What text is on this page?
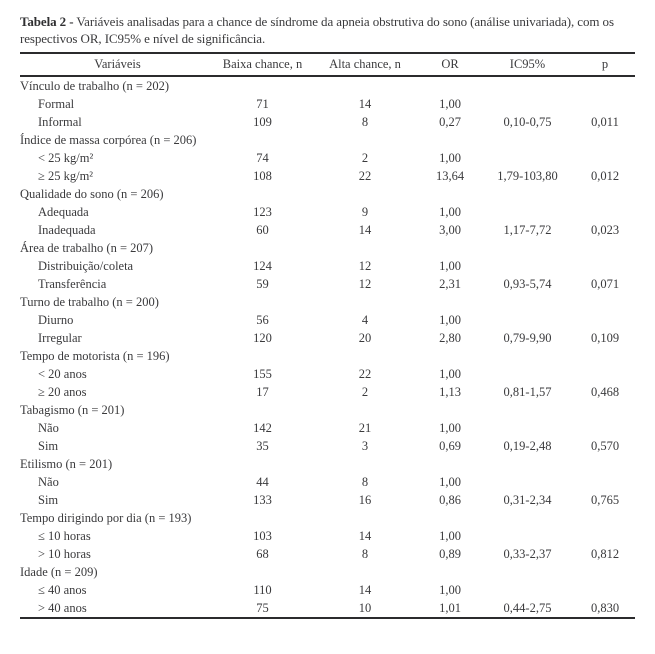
Tabela 2 - Variáveis analisadas para a chance de síndrome da apneia obstrutiva do sono (análise univariada), com os respectivos OR, IC95% e nível de significância.
Variáveis	Baixa chance, n	Alta chance, n	OR	IC95%	p
Vínculo de trabalho (n = 202)					
Formal	71	14	1,00		
Informal	109	8	0,27	0,10-0,75	0,011
Índice de massa corpórea (n = 206)					
< 25 kg/m²	74	2	1,00		
≥ 25 kg/m²	108	22	13,64	1,79-103,80	0,012
Qualidade do sono (n = 206)					
Adequada	123	9	1,00		
Inadequada	60	14	3,00	1,17-7,72	0,023
Área de trabalho (n = 207)					
Distribuição/coleta	124	12	1,00		
Transferência	59	12	2,31	0,93-5,74	0,071
Turno de trabalho (n = 200)					
Diurno	56	4	1,00		
Irregular	120	20	2,80	0,79-9,90	0,109
Tempo de motorista (n = 196)					
< 20 anos	155	22	1,00		
≥ 20 anos	17	2	1,13	0,81-1,57	0,468
Tabagismo (n = 201)					
Não	142	21	1,00		
Sim	35	3	0,69	0,19-2,48	0,570
Etilismo (n = 201)					
Não	44	8	1,00		
Sim	133	16	0,86	0,31-2,34	0,765
Tempo dirigindo por dia (n = 193)					
≤ 10 horas	103	14	1,00		
> 10 horas	68	8	0,89	0,33-2,37	0,812
Idade (n = 209)					
≤ 40 anos	110	14	1,00		
> 40 anos	75	10	1,01	0,44-2,75	0,830
